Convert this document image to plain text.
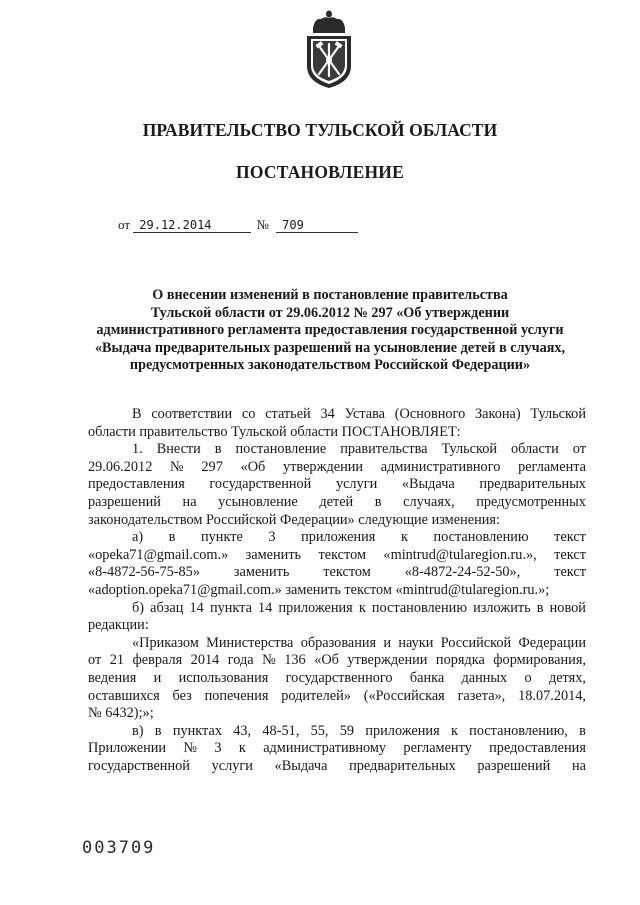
ПРАВИТЕЛЬСТВО ТУЛЬСКОЙ ОБЛАСТИ
ПОСТАНОВЛЕНИЕ
от 29.12.2014	№ 709
О внесении изменений в постановление правительства
Тульской области от 29.06.2012 № 297 «Об утверждении
административного регламента предоставления государственной услуги
«Выдача предварительных разрешений на усыновление детей в случаях,
предусмотренных законодательством Российской Федерации»
В соответствии со статьей 34 Устава (Основного Закона) Тульской
области правительство Тульской области ПОСТАНОВЛЯЕТ:
1. Внести в постановление правительства Тульской области от
29.06.2012 № 297 «Об утверждении административного регламента
предоставления государственной услуги «Выдача предварительных
разрешений на усыновление детей в случаях, предусмотренных
законодательством Российской Федерации» следующие изменения:
а) в пункте 3 приложения к постановлению текст
«opeka71@gmail.com.» заменить текстом «mintrud@tularegion.ru.», текст
«8-4872-56-75-85» заменить текстом «8-4872-24-52-50», текст
«adoption.opeka71@gmail.com.» заменить текстом «mintrud@tularegion.ru.»;
б) абзац 14 пункта 14 приложения к постановлению изложить в новой
редакции:
«Приказом Министерства образования и науки Российской Федерации
от 21 февраля 2014 года № 136 «Об утверждении порядка формирования,
ведения и использования государственного банка данных о детях,
оставшихся без попечения родителей» («Российская газета», 18.07.2014,
№ 6432);»;
в) в пунктах 43, 48-51, 55, 59 приложения к постановлению, в
Приложении № 3 к административному регламенту предоставления
государственной услуги «Выдача предварительных разрешений на
003709
